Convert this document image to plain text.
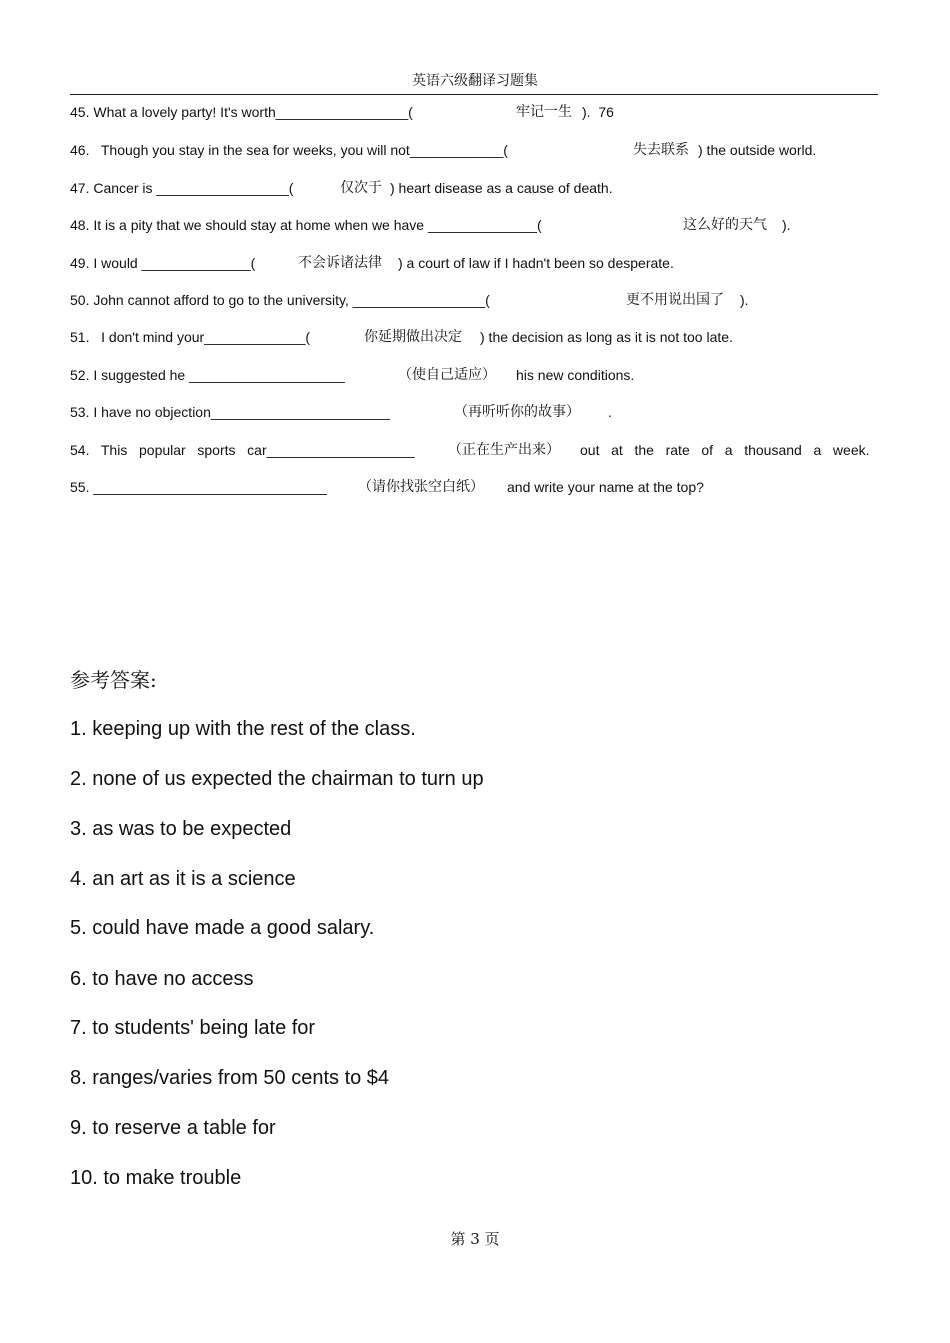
英语六级翻译习题集

45. What a lovely party! It's worth_________________(

	牢记一生

).  76

46.   Though you stay in the sea for weeks, you will not____________(

	失去联系

) the outside world.

47. Cancer is _________________(

	仅次于

) heart disease as a cause of death.

48. It is a pity that we should stay at home when we have ______________(

	这么好的天气

).

49. I would ______________(

	不会诉诸法律

) a court of law if I hadn't been so desperate.

50. John cannot afford to go to the university, _________________(

	更不用说出国了

).

51.   I don't mind your_____________(

	你延期做出决定

) the decision as long as it is not too late.

52. I suggested he ____________________

	（使自己适应）

his new conditions.

53. I have no objection_______________________

	（再听听你的故事）

.

54.   This   popular   sports   car___________________

（正在生产出来）

out   at   the   rate   of   a   thousand   a   week.

55. ______________________________

（请你找张空白纸）

and write your name at the top?

参考答案:
1. keeping up with the rest of the class.
2. none of us expected the chairman to turn up
3. as was to be expected
4. an art as it is a science
5. could have made a good salary.
6. to have no access
7. to students' being late for
8. ranges/varies from 50 cents to $4
9. to reserve a table for
10. to make trouble
第 3 页
